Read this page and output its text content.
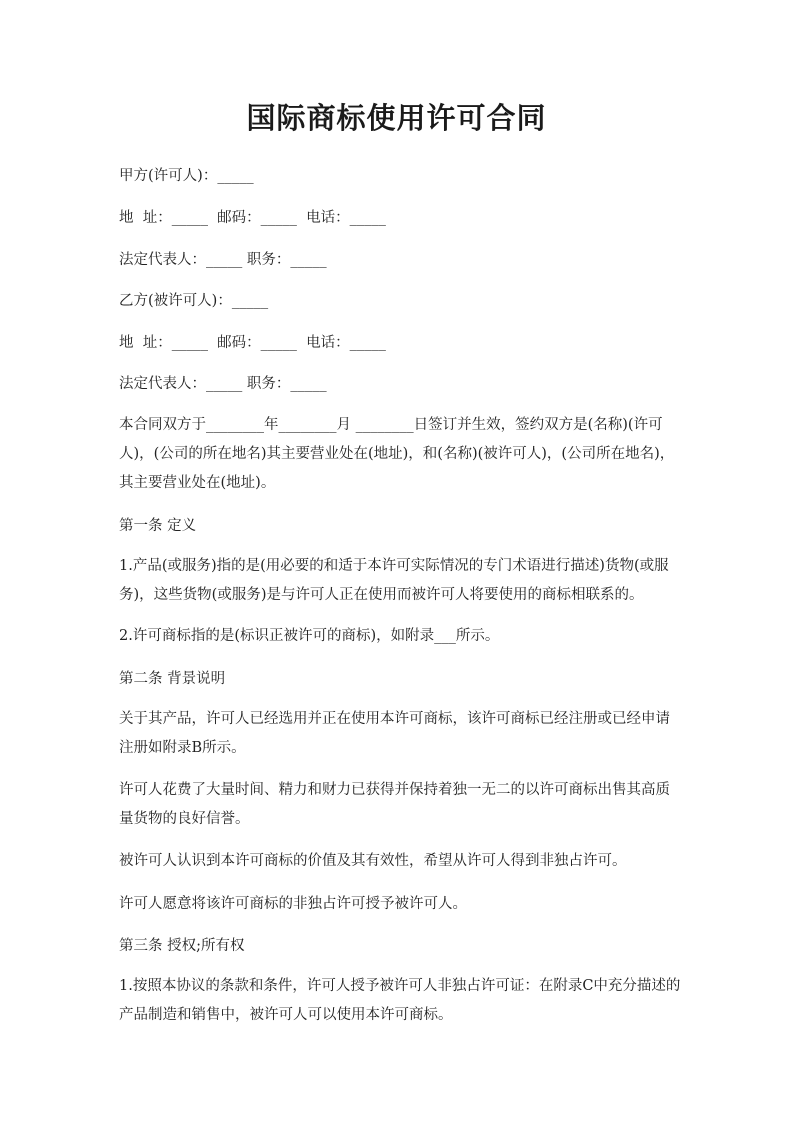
国际商标使用许可合同
甲方(许可人)：_____
地  址：_____  邮码：_____  电话：_____
法定代表人：_____ 职务：_____
乙方(被许可人)：_____
地  址：_____  邮码：_____  电话：_____
法定代表人：_____ 职务：_____
本合同双方于________年________月 ________日签订并生效，签约双方是(名称)(许可人)，(公司的所在地名)其主要营业处在(地址)，和(名称)(被许可人)，(公司所在地名)，其主要营业处在(地址)。
第一条 定义
1.产品(或服务)指的是(用必要的和适于本许可实际情况的专门术语进行描述)货物(或服务)，这些货物(或服务)是与许可人正在使用而被许可人将要使用的商标相联系的。
2.许可商标指的是(标识正被许可的商标)，如附录___所示。
第二条 背景说明
关于其产品，许可人已经选用并正在使用本许可商标，该许可商标已经注册或已经申请注册如附录B所示。
许可人花费了大量时间、精力和财力已获得并保持着独一无二的以许可商标出售其高质量货物的良好信誉。
被许可人认识到本许可商标的价值及其有效性，希望从许可人得到非独占许可。
许可人愿意将该许可商标的非独占许可授予被许可人。
第三条 授权;所有权
1.按照本协议的条款和条件，许可人授予被许可人非独占许可证：在附录C中充分描述的产品制造和销售中，被许可人可以使用本许可商标。
